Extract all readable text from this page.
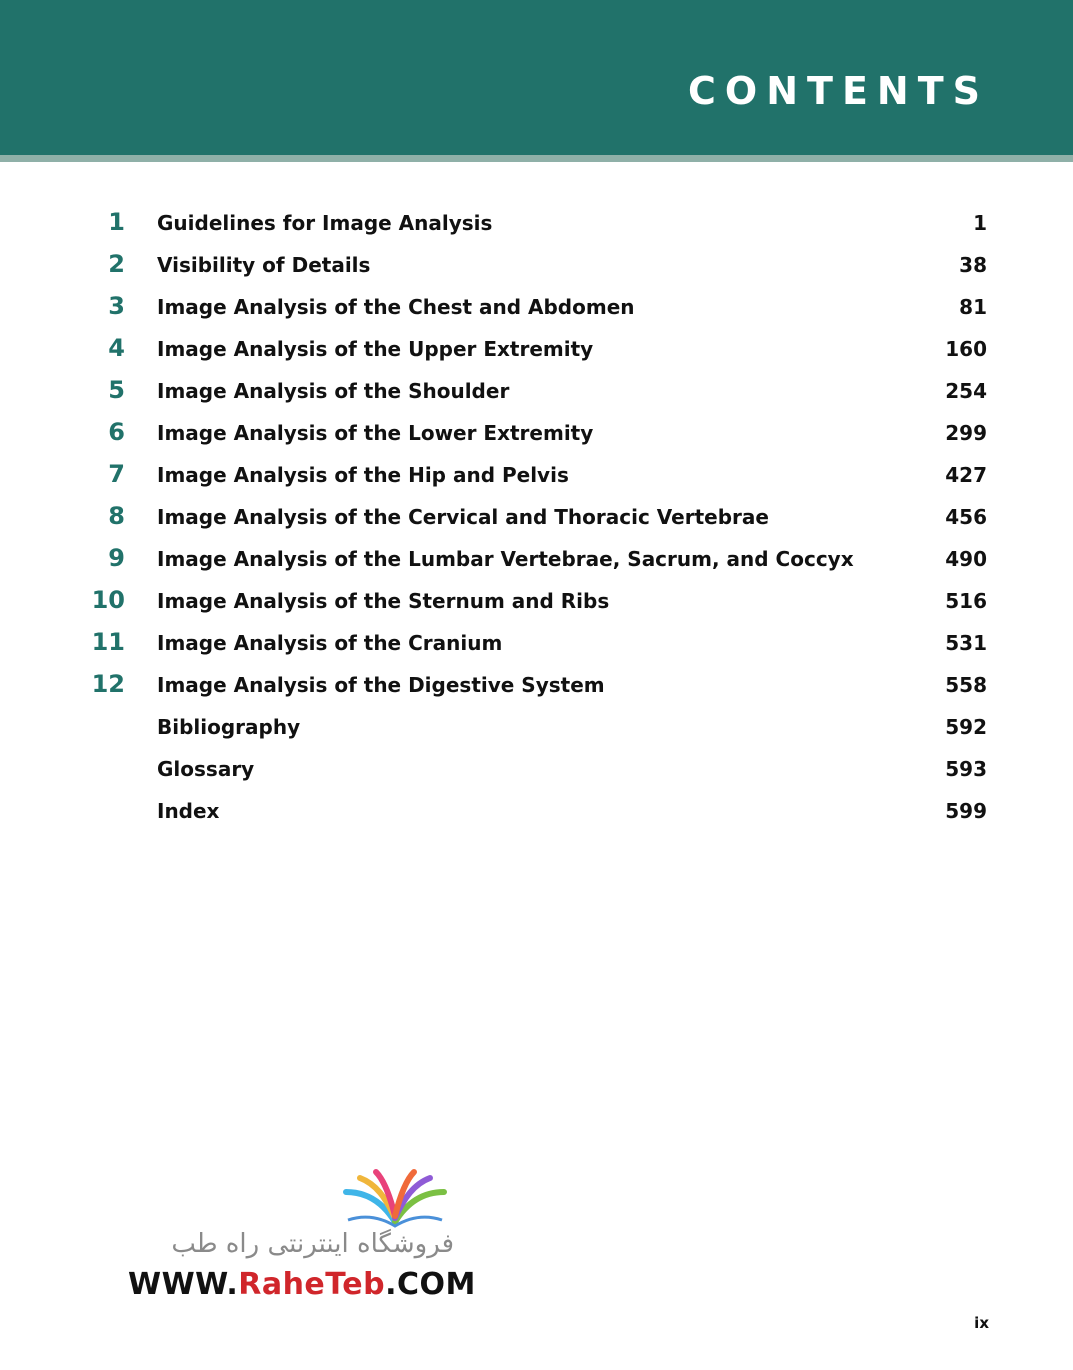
CONTENTS
1 Guidelines for Image Analysis	1
2 Visibility of Details	38
3 Image Analysis of the Chest and Abdomen	81
4 Image Analysis of the Upper Extremity	160
5 Image Analysis of the Shoulder	254
6 Image Analysis of the Lower Extremity	299
7 Image Analysis of the Hip and Pelvis	427
8 Image Analysis of the Cervical and Thoracic Vertebrae	456
9 Image Analysis of the Lumbar Vertebrae, Sacrum, and Coccyx	490
10 Image Analysis of the Sternum and Ribs	516
11 Image Analysis of the Cranium	531
12 Image Analysis of the Digestive System	558
Bibliography	592
Glossary	593
Index	599
فروشگاه اینترنتی راه طب
WWW.RaheTeb.COM
ix
